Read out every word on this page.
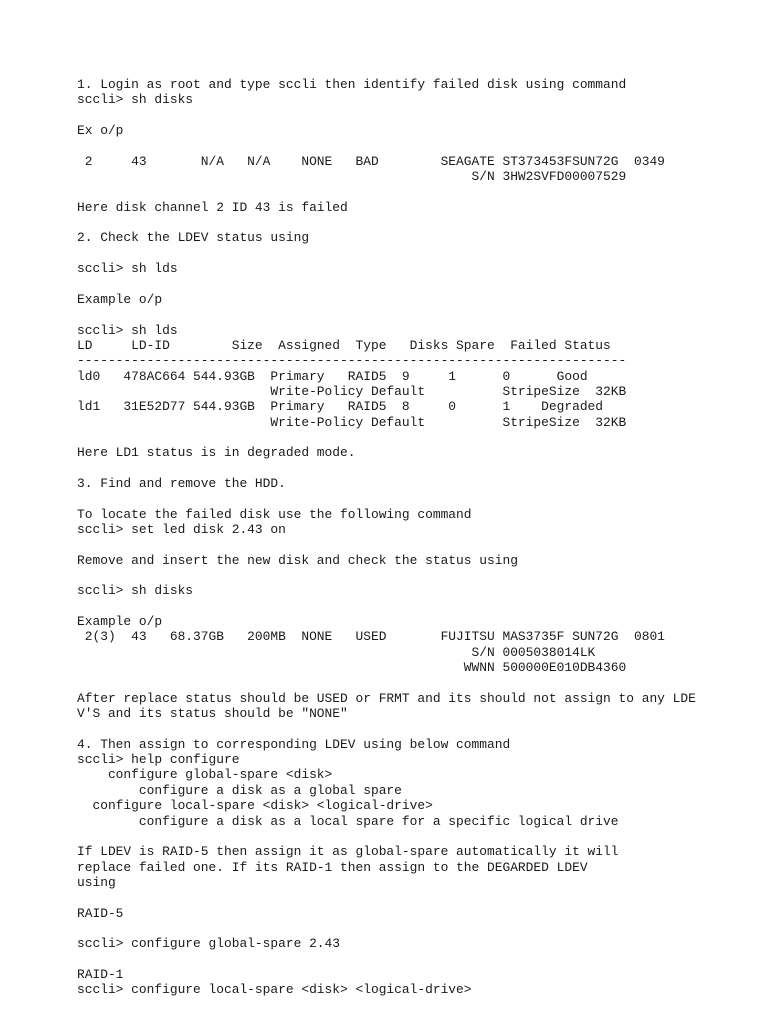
1. Login as root and type sccli then identify failed disk using command
sccli> sh disks
Ex o/p
2     43       N/A   N/A    NONE   BAD        SEAGATE ST373453FSUN72G  0349
S/N 3HW2SVFD00007529
Here disk channel 2 ID 43 is failed
2. Check the LDEV status using
sccli> sh lds
Example o/p
sccli> sh lds
LD     LD-ID        Size  Assigned  Type   Disks Spare  Failed Status
-----------------------------------------------------------------------
ld0   478AC664 544.93GB  Primary   RAID5  9     1      0      Good
Write-Policy Default          StripeSize  32KB
ld1   31E52D77 544.93GB  Primary   RAID5  8     0      1    Degraded
Write-Policy Default          StripeSize  32KB
Here LD1 status is in degraded mode.
3. Find and remove the HDD.
To locate the failed disk use the following command
sccli> set led disk 2.43 on
Remove and insert the new disk and check the status using
sccli> sh disks
Example o/p
2(3)  43   68.37GB   200MB  NONE   USED       FUJITSU MAS3735F SUN72G  0801
S/N 0005038014LK
WWNN 500000E010DB4360
After replace status should be USED or FRMT and its should not assign to any LDE
V'S and its status should be "NONE"
4. Then assign to corresponding LDEV using below command
sccli> help configure
configure global-spare <disk>
configure a disk as a global spare
configure local-spare <disk> <logical-drive>
configure a disk as a local spare for a specific logical drive
If LDEV is RAID-5 then assign it as global-spare automatically it will
replace failed one. If its RAID-1 then assign to the DEGARDED LDEV
using
RAID-5
sccli> configure global-spare 2.43
RAID-1
sccli> configure local-spare <disk> <logical-drive>
